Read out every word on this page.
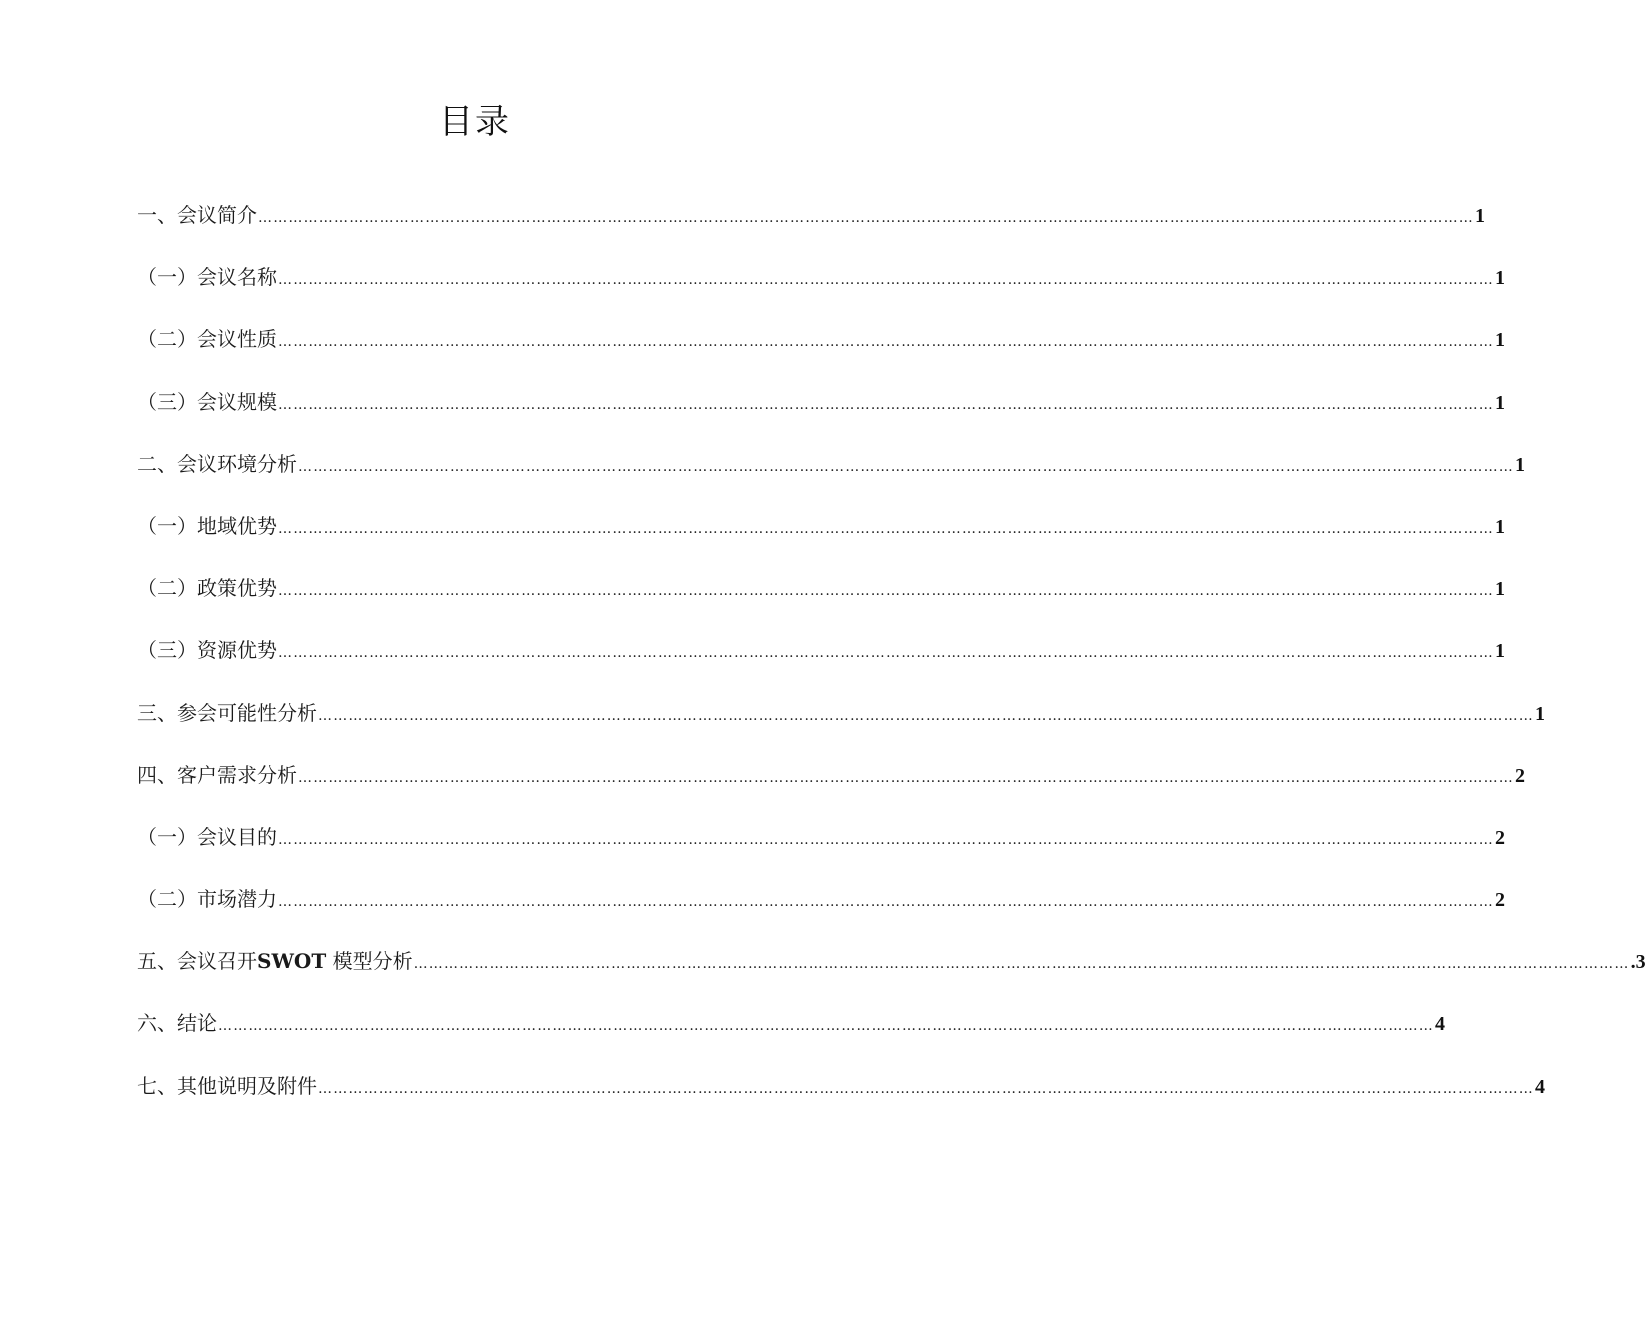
目录
一、会议简介 …………………………………………………………………………………………………………………………………………………………………………………………………………………… 1
（一）会议名称 …………………………………………………………………………………………………………………………………………………………………………………………………………………… 1
（二）会议性质 …………………………………………………………………………………………………………………………………………………………………………………………………………………… 1
（三）会议规模 …………………………………………………………………………………………………………………………………………………………………………………………………………………… 1
二、会议环境分析 …………………………………………………………………………………………………………………………………………………………………………………………………………………… 1
（一）地域优势 …………………………………………………………………………………………………………………………………………………………………………………………………………………… 1
（二）政策优势 …………………………………………………………………………………………………………………………………………………………………………………………………………………… 1
（三）资源优势 …………………………………………………………………………………………………………………………………………………………………………………………………………………… 1
三、参会可能性分析 …………………………………………………………………………………………………………………………………………………………………………………………………………………… 1
四、客户需求分析 …………………………………………………………………………………………………………………………………………………………………………………………………………………… 2
（一）会议目的 …………………………………………………………………………………………………………………………………………………………………………………………………………………… 2
（二）市场潜力 …………………………………………………………………………………………………………………………………………………………………………………………………………………… 2
五、会议召开SWOT 模型分析 …………………………………………………………………………………………………………………………………………………………………………………………………………………… .3
六、结论 …………………………………………………………………………………………………………………………………………………………………………………………………………………… 4
七、其他说明及附件 …………………………………………………………………………………………………………………………………………………………………………………………………………………… 4
